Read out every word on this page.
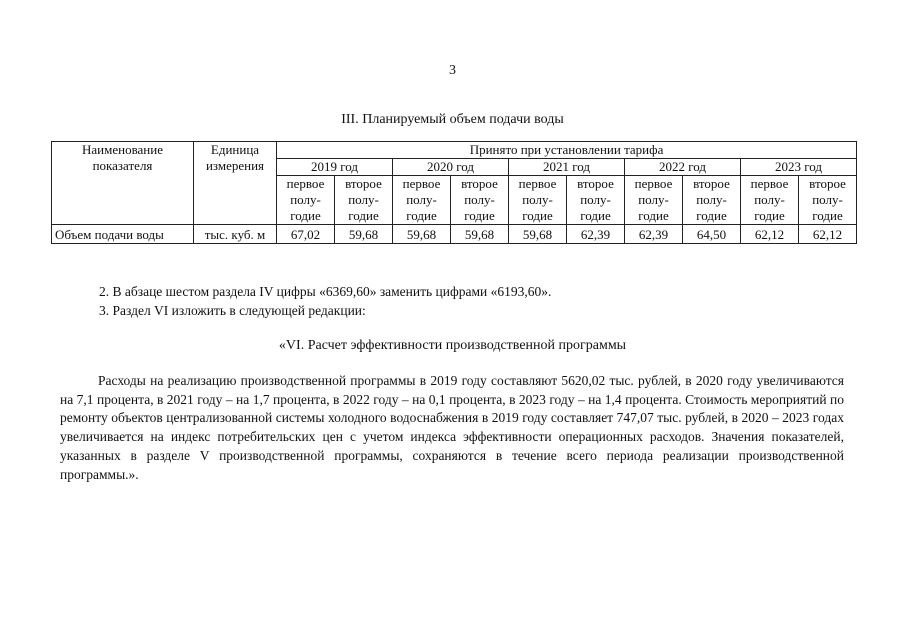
3
III. Планируемый объем подачи воды
Наименование показателя	Единица измерения	Принято при установлении тарифа									
		2019 год		2020 год		2021 год		2022 год		2023 год	
		первое полу-годие	второе полу-годие	первое полу-годие	второе полу-годие	первое полу-годие	второе полу-годие	первое полу-годие	второе полу-годие	первое полу-годие	второе полу-годие
Объем подачи воды	тыс. куб. м	67,02	59,68	59,68	59,68	59,68	62,39	62,39	64,50	62,12	62,12
2. В абзаце шестом раздела IV цифры «6369,60» заменить цифрами «6193,60».
3. Раздел VI изложить в следующей редакции:
«VI. Расчет эффективности производственной программы
Расходы на реализацию производственной программы в 2019 году составляют 5620,02 тыс. рублей, в 2020 году увеличиваются на 7,1 процента, в 2021 году – на 1,7 процента, в 2022 году – на 0,1 процента, в 2023 году – на 1,4 процента. Стоимость мероприятий по ремонту объектов централизованной системы холодного водоснабжения в 2019 году составляет 747,07 тыс. рублей, в 2020 – 2023 годах увеличивается на индекс потребительских цен с учетом индекса эффективности операционных расходов. Значения показателей, указанных в разделе V производственной программы, сохраняются в течение всего периода реализации производственной программы.».
